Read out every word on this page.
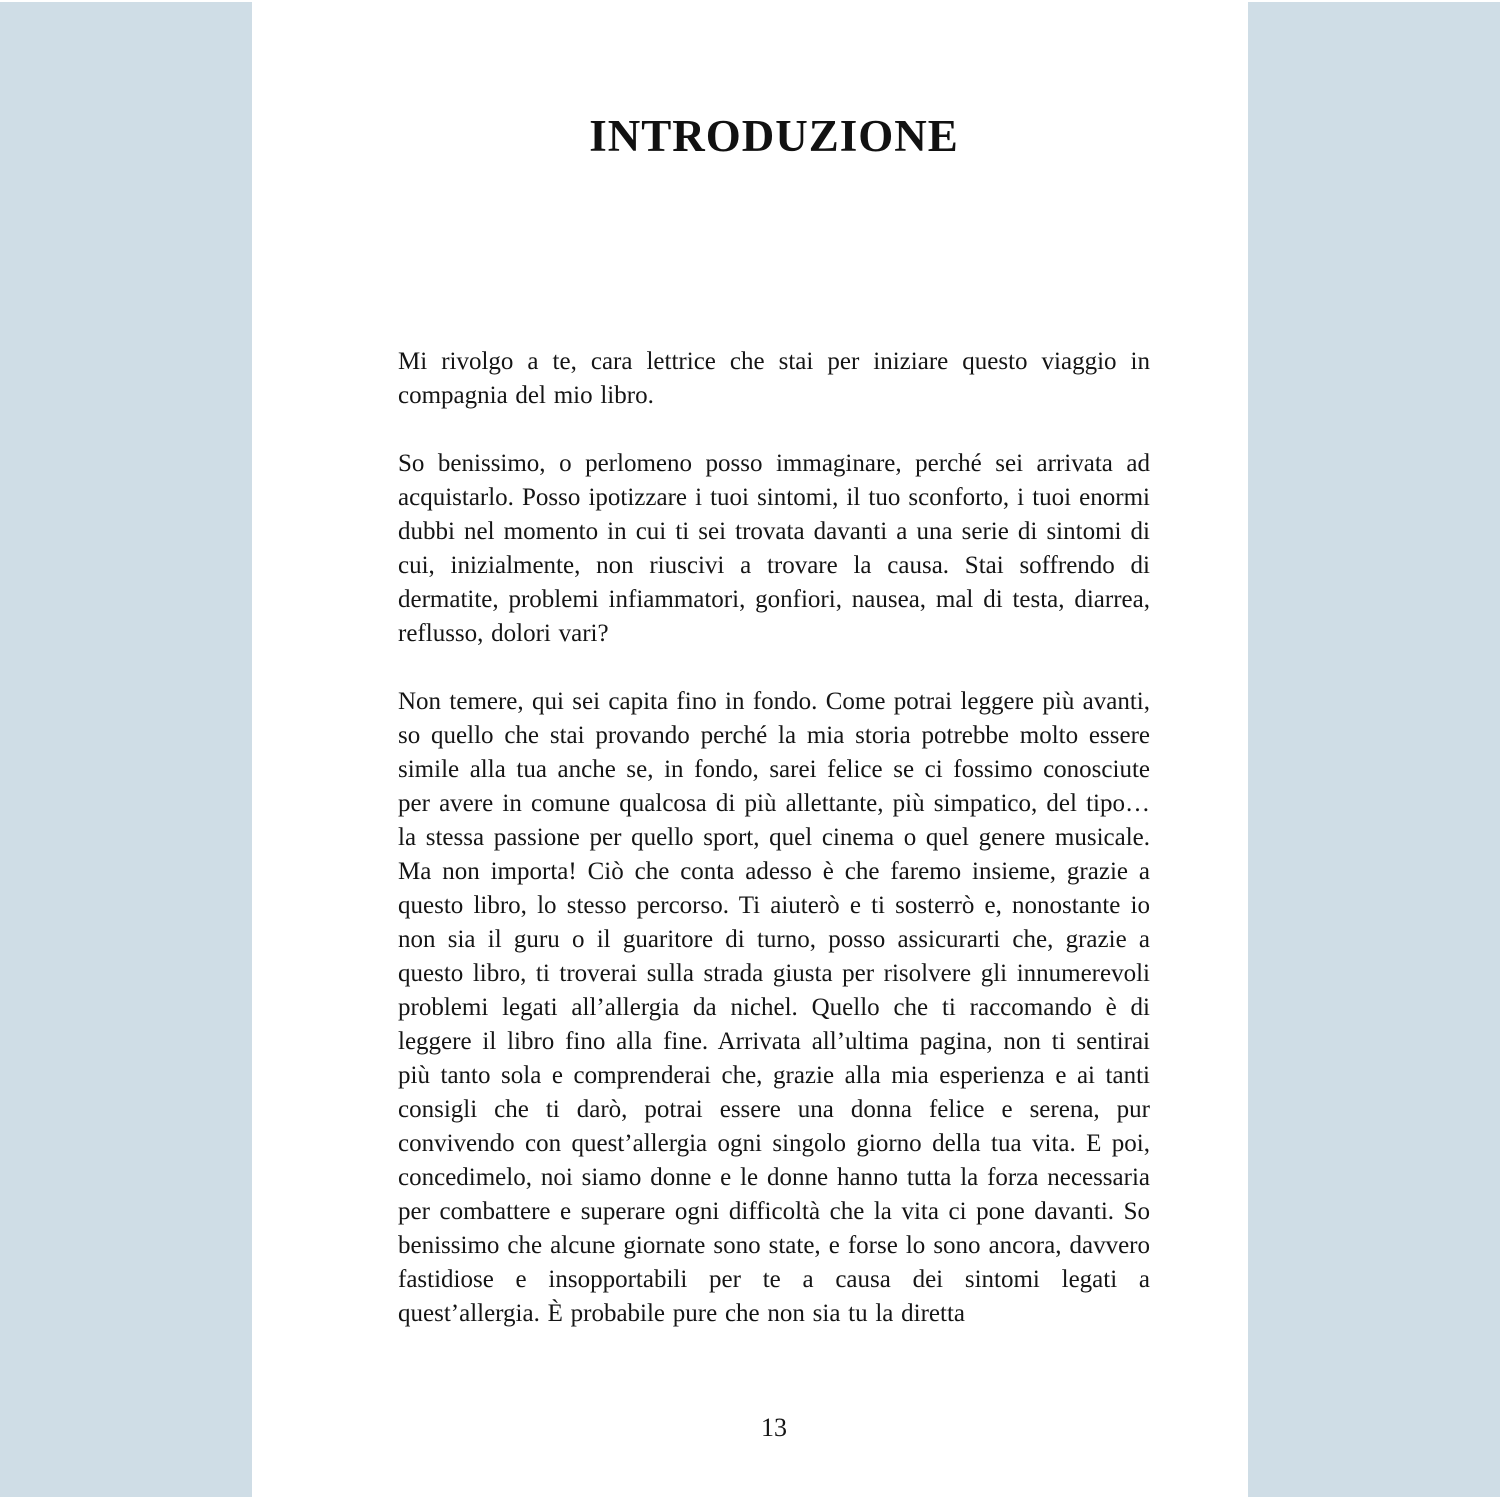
INTRODUZIONE

Mi rivolgo a te, cara lettrice che stai per iniziare questo viaggio in compagnia del mio libro.

So benissimo, o perlomeno posso immaginare, perché sei arrivata ad acquistarlo. Posso ipotizzare i tuoi sintomi, il tuo sconforto, i tuoi enormi dubbi nel momento in cui ti sei trovata davanti a una serie di sintomi di cui, inizialmente, non riuscivi a trovare la causa. Stai soffrendo di dermatite, problemi infiammatori, gonfiori, nausea, mal di testa, diarrea, reflusso, dolori vari?

Non temere, qui sei capita fino in fondo. Come potrai leggere più avanti, so quello che stai provando perché la mia storia potrebbe molto essere simile alla tua anche se, in fondo, sarei felice se ci fossimo conosciute per avere in comune qualcosa di più allettante, più simpatico, del tipo… la stessa passione per quello sport, quel cinema o quel genere musicale. Ma non importa! Ciò che conta adesso è che faremo insieme, grazie a questo libro, lo stesso percorso. Ti aiuterò e ti sosterrò e, nonostante io non sia il guru o il guaritore di turno, posso assicurarti che, grazie a questo libro, ti troverai sulla strada giusta per risolvere gli innumerevoli problemi legati all’allergia da nichel. Quello che ti raccomando è di leggere il libro fino alla fine. Arrivata all’ultima pagina, non ti sentirai più tanto sola e comprenderai che, grazie alla mia esperienza e ai tanti consigli che ti darò, potrai essere una donna felice e serena, pur convivendo con quest’allergia ogni singolo giorno della tua vita. E poi, concedimelo, noi siamo donne e le donne hanno tutta la forza necessaria per combattere e superare ogni difficoltà che la vita ci pone davanti. So benissimo che alcune giornate sono state, e forse lo sono ancora, davvero fastidiose e insopportabili per te a causa dei sintomi legati a quest’allergia. È probabile pure che non sia tu la diretta

13
